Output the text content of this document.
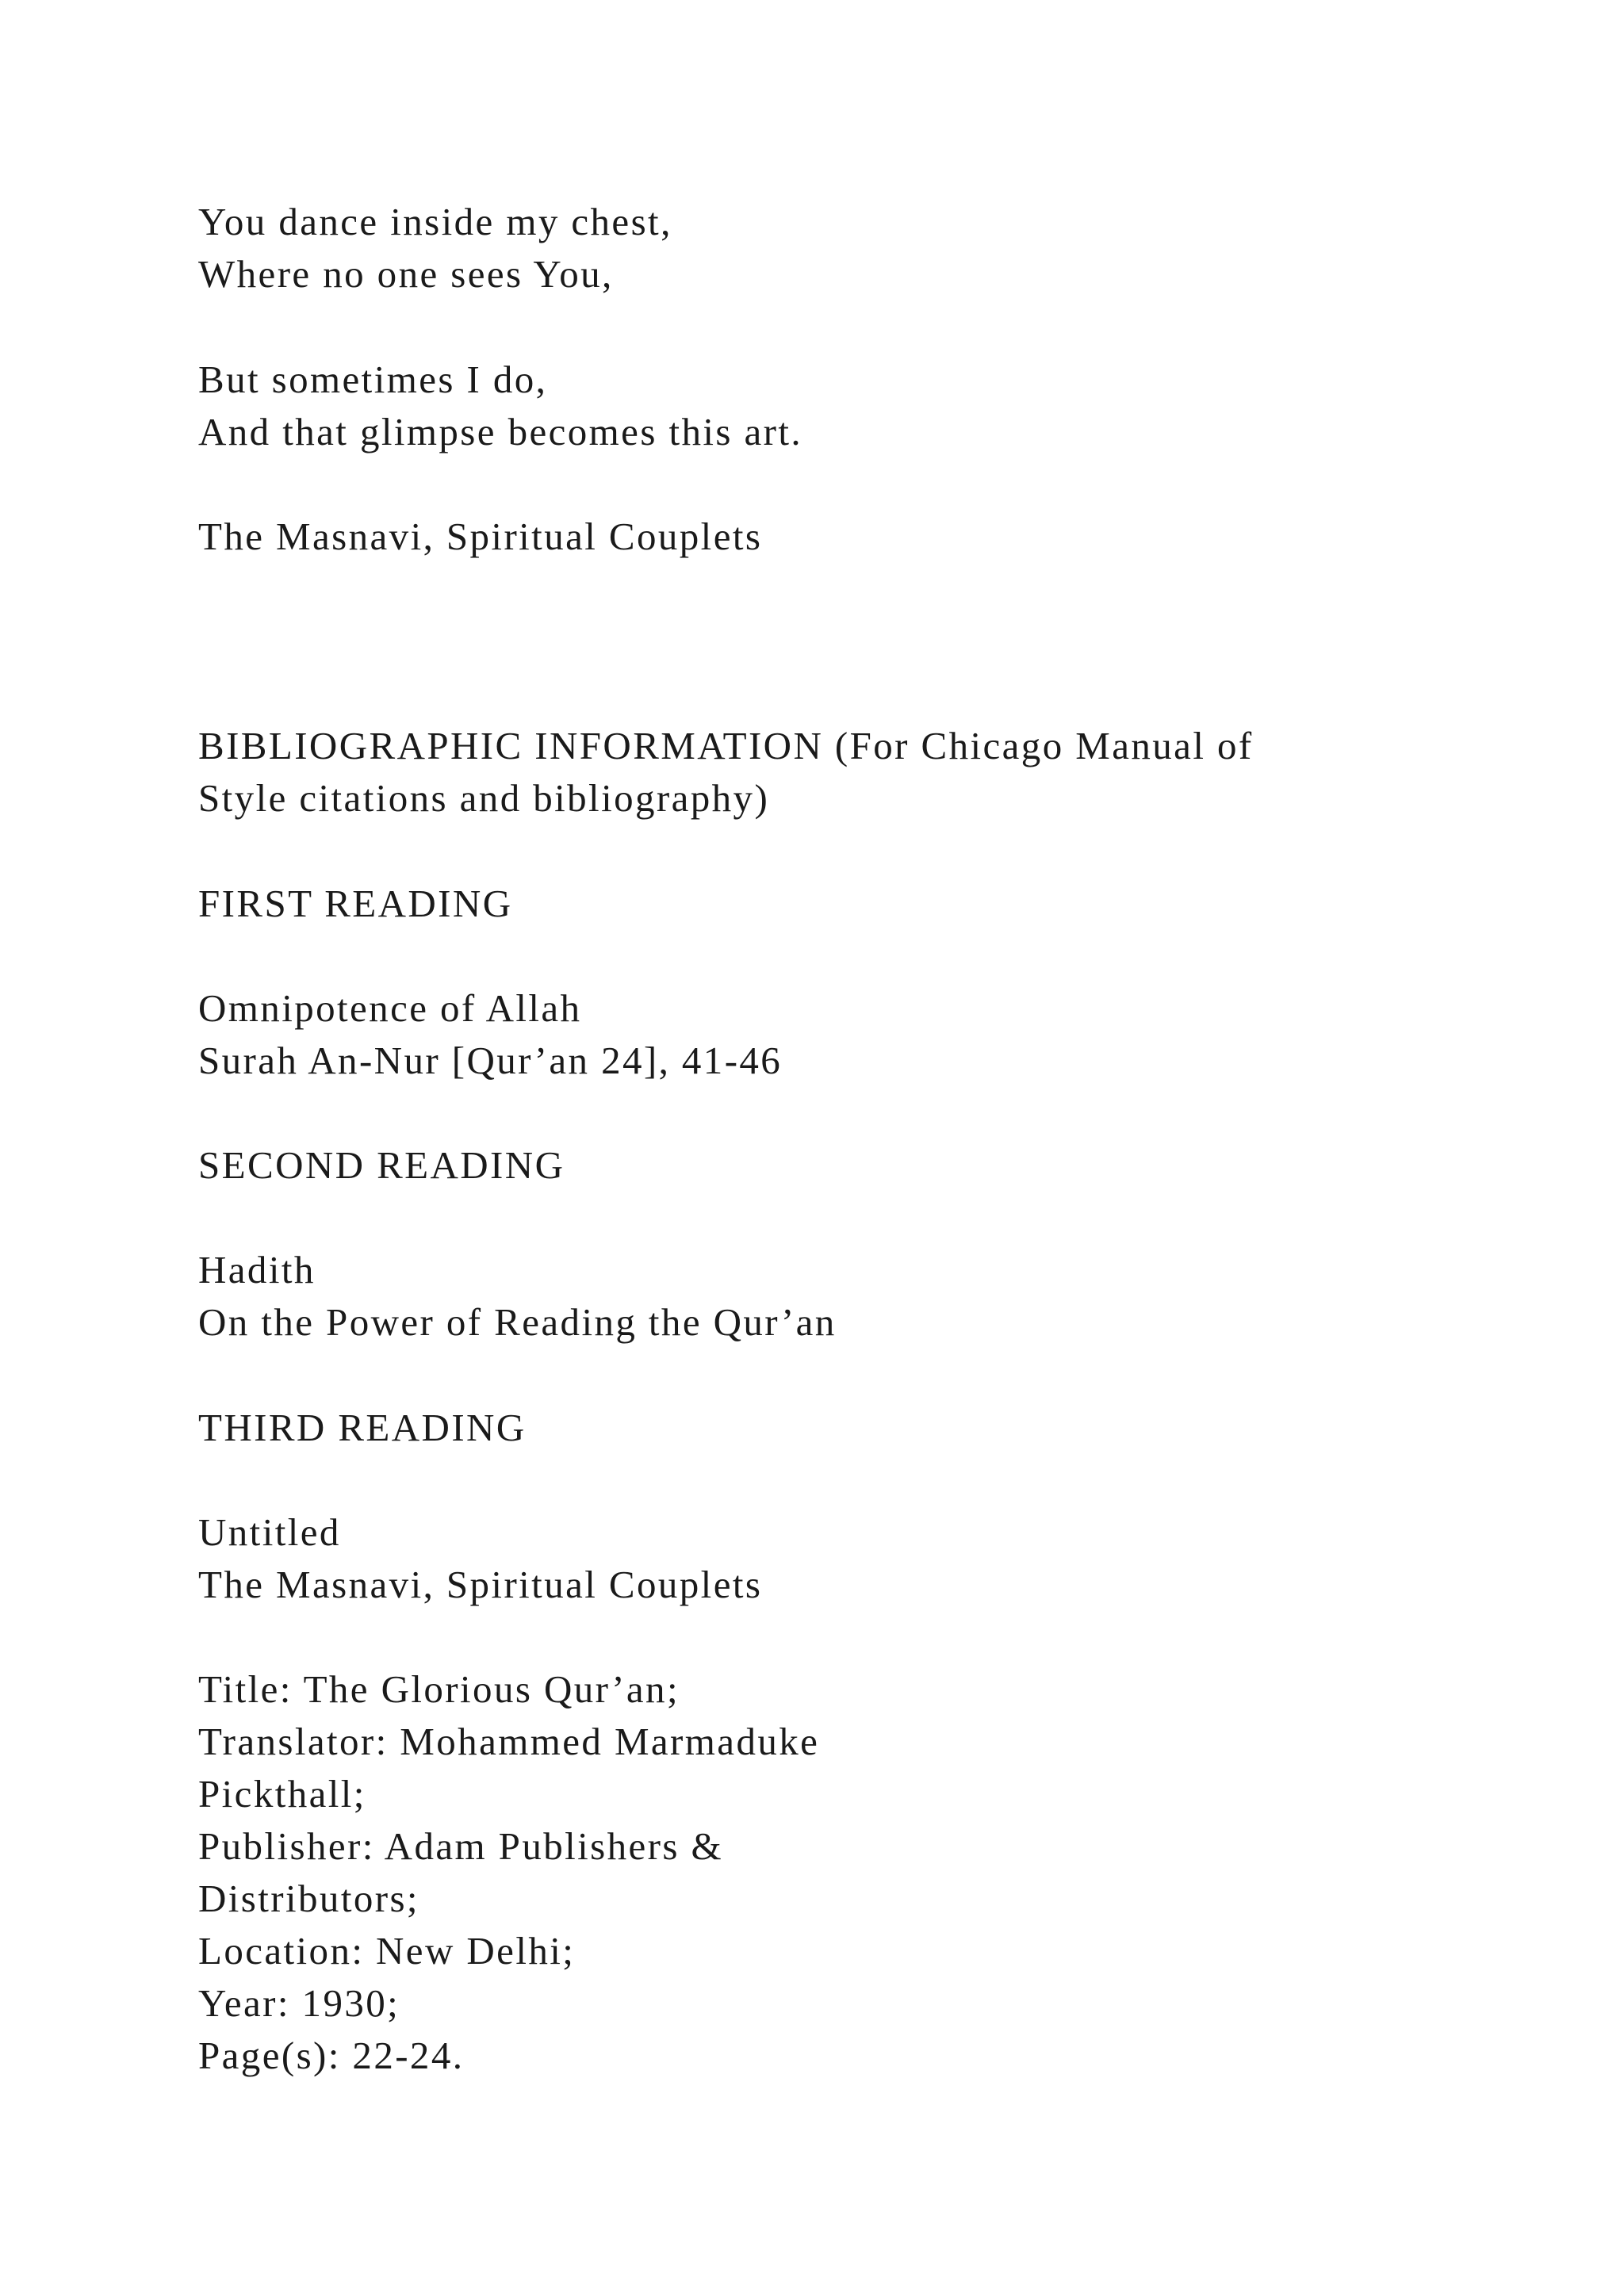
You dance inside my chest,

Where no one sees You,

But sometimes I do,

And that glimpse becomes this art.

The Masnavi, Spiritual Couplets

BIBLIOGRAPHIC INFORMATION (For Chicago Manual of

Style citations and bibliography)

FIRST READING

Omnipotence of Allah

Surah An-Nur [Qur’an 24], 41-46

SECOND READING

Hadith

On the Power of Reading the Qur’an

THIRD READING

Untitled

The Masnavi, Spiritual Couplets

Title: The Glorious Qur’an;

Translator: Mohammed Marmaduke

Pickthall;

Publisher: Adam Publishers &

Distributors;

Location: New Delhi;

Year: 1930;

Page(s): 22-24.
